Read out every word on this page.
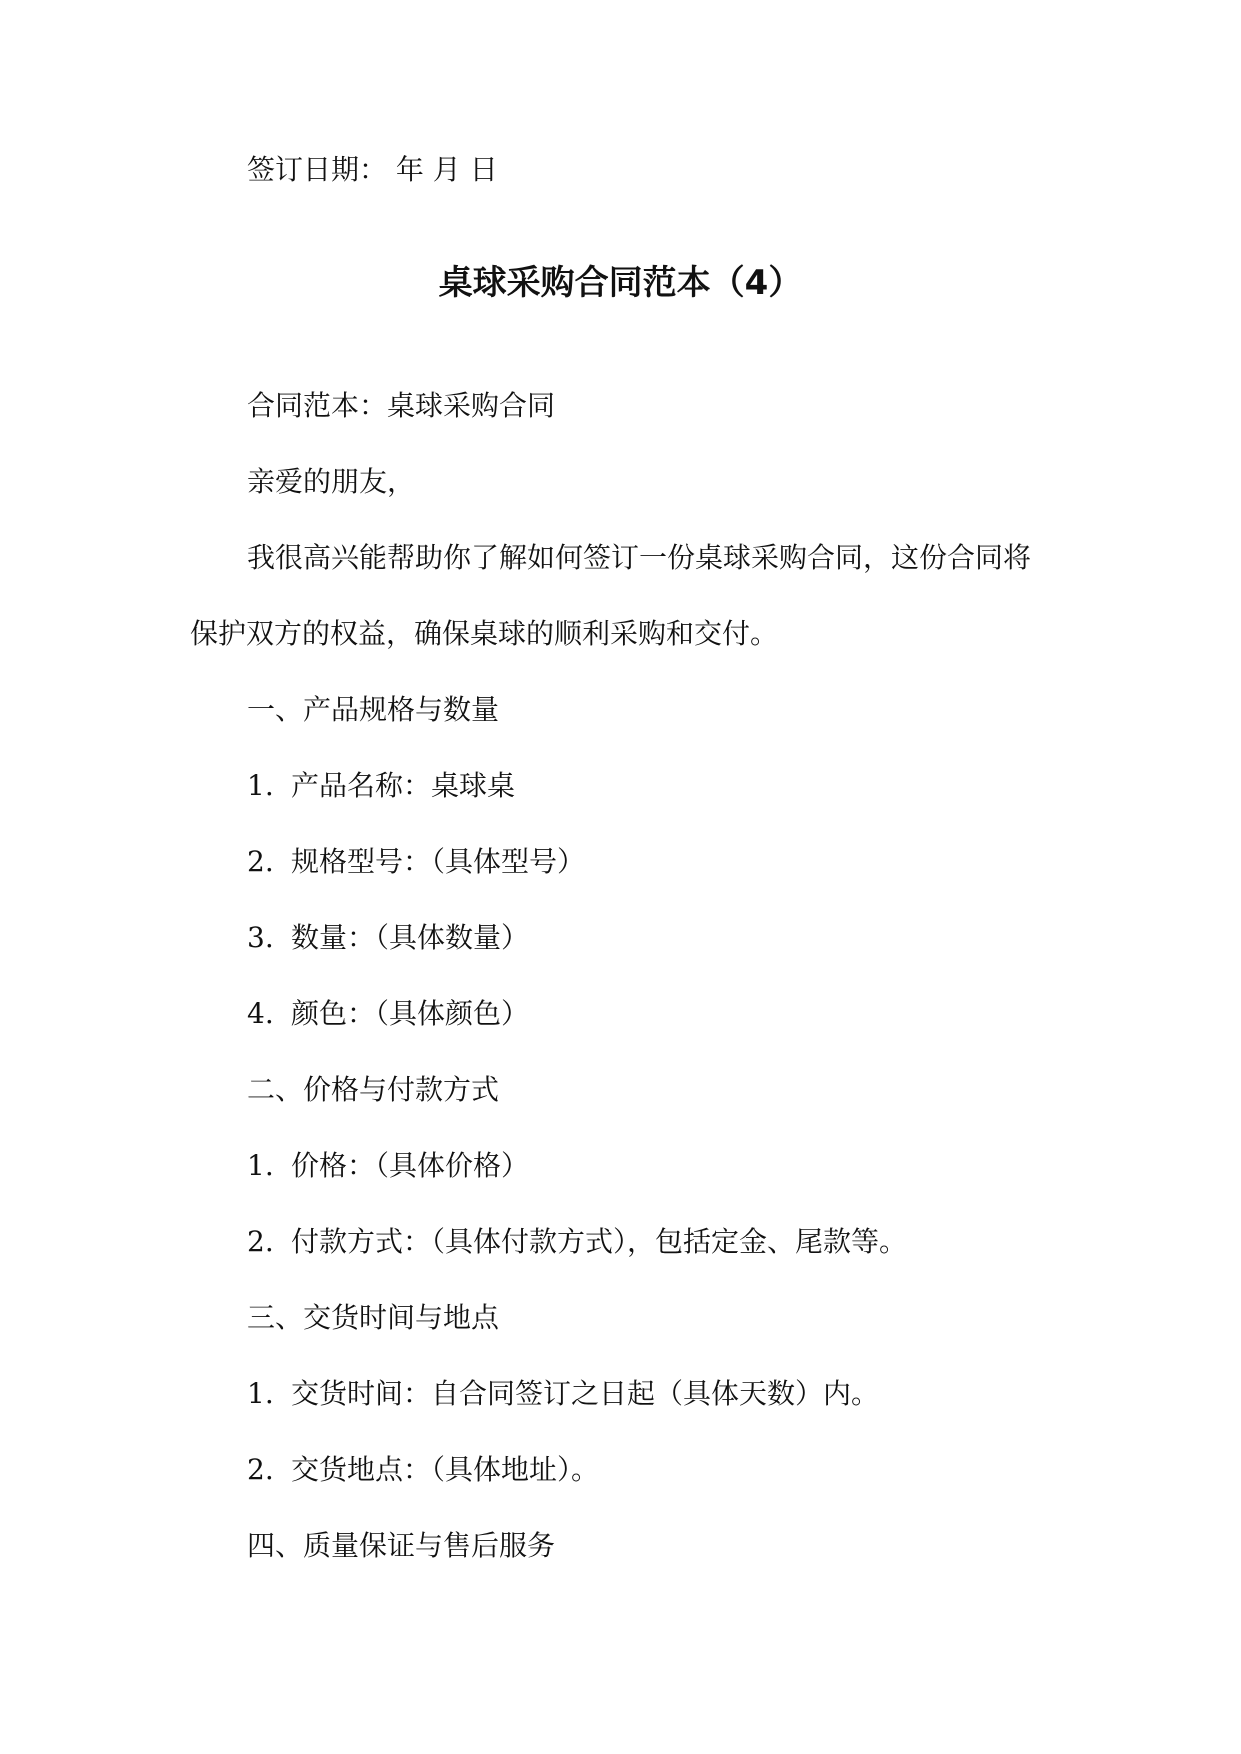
签订日期： 年 月 日

桌球采购合同范本（4）

合同范本：桌球采购合同

亲爱的朋友，

我很高兴能帮助你了解如何签订一份桌球采购合同，这份合同将

保护双方的权益，确保桌球的顺利采购和交付。

一、产品规格与数量

1. 产品名称：桌球桌

2. 规格型号：（具体型号）

3. 数量：（具体数量）

4. 颜色：（具体颜色）

二、价格与付款方式

1. 价格：（具体价格）

2. 付款方式：（具体付款方式），包括定金、尾款等。

三、交货时间与地点

1. 交货时间：自合同签订之日起（具体天数）内。

2. 交货地点：（具体地址）。

四、质量保证与售后服务
